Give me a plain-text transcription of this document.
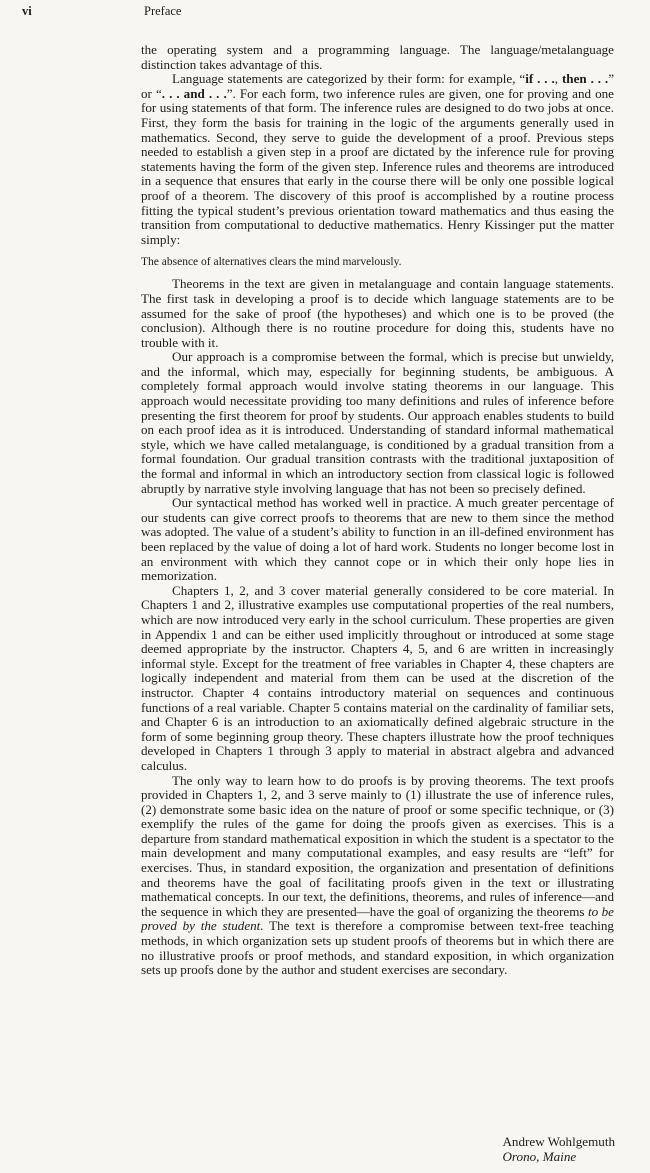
vi	Preface

the operating system and a programming language. The language/metalanguage distinction takes advantage of this.

Language statements are categorized by their form: for example, “if . . ., then . . .” or “. . . and . . .”. For each form, two inference rules are given, one for proving and one for using statements of that form. The inference rules are designed to do two jobs at once. First, they form the basis for training in the logic of the arguments generally used in mathematics. Second, they serve to guide the development of a proof. Previous steps needed to establish a given step in a proof are dictated by the inference rule for proving statements having the form of the given step. Inference rules and theorems are introduced in a sequence that ensures that early in the course there will be only one possible logical proof of a theorem. The discovery of this proof is accomplished by a routine process fitting the typical student’s previous orientation toward mathematics and thus easing the transition from computational to deductive mathematics. Henry Kissinger put the matter simply:

The absence of alternatives clears the mind marvelously.

Theorems in the text are given in metalanguage and contain language statements. The first task in developing a proof is to decide which language statements are to be assumed for the sake of proof (the hypotheses) and which one is to be proved (the conclusion). Although there is no routine procedure for doing this, students have no trouble with it.

Our approach is a compromise between the formal, which is precise but unwieldy, and the informal, which may, especially for beginning students, be ambiguous. A completely formal approach would involve stating theorems in our language. This approach would necessitate providing too many definitions and rules of inference before presenting the first theorem for proof by students. Our approach enables students to build on each proof idea as it is introduced. Understanding of standard informal mathematical style, which we have called metalanguage, is conditioned by a gradual transition from a formal foundation. Our gradual transition contrasts with the traditional juxtaposition of the formal and informal in which an introductory section from classical logic is followed abruptly by narrative style involving language that has not been so precisely defined.

Our syntactical method has worked well in practice. A much greater percentage of our students can give correct proofs to theorems that are new to them since the method was adopted. The value of a student’s ability to function in an ill-defined environment has been replaced by the value of doing a lot of hard work. Students no longer become lost in an environment with which they cannot cope or in which their only hope lies in memorization.

Chapters 1, 2, and 3 cover material generally considered to be core material. In Chapters 1 and 2, illustrative examples use computational properties of the real numbers, which are now introduced very early in the school curriculum. These properties are given in Appendix 1 and can be either used implicitly throughout or introduced at some stage deemed appropriate by the instructor. Chapters 4, 5, and 6 are written in increasingly informal style. Except for the treatment of free variables in Chapter 4, these chapters are logically independent and material from them can be used at the discretion of the instructor. Chapter 4 contains introductory material on sequences and continuous functions of a real variable. Chapter 5 contains material on the cardinality of familiar sets, and Chapter 6 is an introduction to an axiomatically defined algebraic structure in the form of some beginning group theory. These chapters illustrate how the proof techniques developed in Chapters 1 through 3 apply to material in abstract algebra and advanced calculus.

The only way to learn how to do proofs is by proving theorems. The text proofs provided in Chapters 1, 2, and 3 serve mainly to (1) illustrate the use of inference rules, (2) demonstrate some basic idea on the nature of proof or some specific technique, or (3) exemplify the rules of the game for doing the proofs given as exercises. This is a departure from standard mathematical exposition in which the student is a spectator to the main development and many computational examples, and easy results are “left” for exercises. Thus, in standard exposition, the organization and presentation of definitions and theorems have the goal of facilitating proofs given in the text or illustrating mathematical concepts. In our text, the definitions, theorems, and rules of inference—and the sequence in which they are presented—have the goal of organizing the theorems to be proved by the student. The text is therefore a compromise between text-free teaching methods, in which organization sets up student proofs of theorems but in which there are no illustrative proofs or proof methods, and standard exposition, in which organization sets up proofs done by the author and student exercises are secondary.

Andrew Wohlgemuth
Orono, Maine
